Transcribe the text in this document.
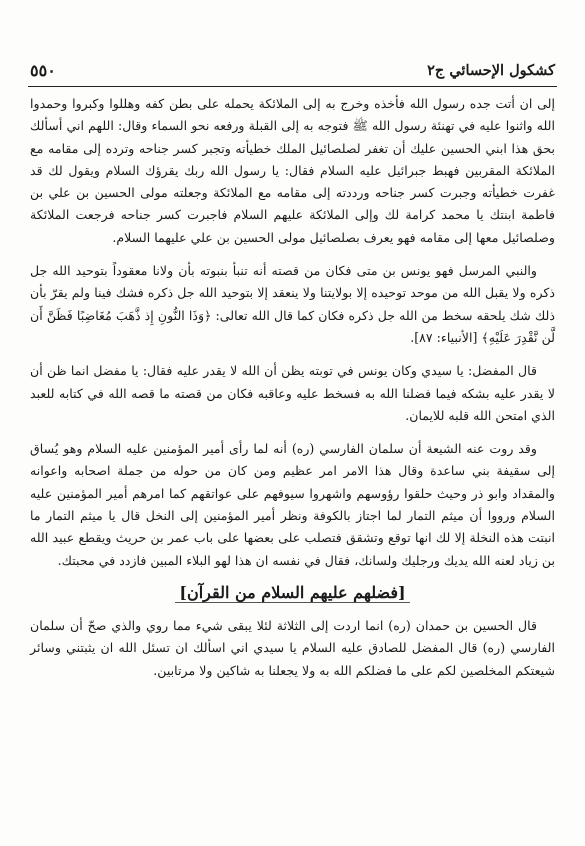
كشكول الإحسائي ج٢
٥٥٠

إلى ان أتت جده رسول الله فأخذه وخرج به إلى الملائكة يحمله على بطن كفه وهللوا وكبروا وحمدوا الله واثنوا عليه في تهنئة رسول الله ﷺ فتوجه به إلى القبلة ورفعه نحو السماء وقال: اللهم اني أسألك بحق هذا ابني الحسين عليك أن تغفر لصلصائيل الملك خطيأته وتجبر كسر جناحه وترده إلى مقامه مع الملائكة المقربين فهبط جبرائيل عليه السلام فقال: يا رسول الله ربك يقرؤك السلام ويقول لك قد غفرت خطيأته وجبرت كسر جناحه ورددته إلى مقامه مع الملائكة وجعلته مولى الحسين بن علي بن فاطمة ابنتك يا محمد كرامة لك وإلى الملائكة عليهم السلام فاجبرت كسر جناحه فرجعت الملائكة وصلصائيل معها إلى مقامه فهو يعرف بصلصائيل مولى الحسين بن علي عليهما السلام.

والنبي المرسل فهو يونس بن متى فكان من قصته أنه تنبأ بنبوته بأن ولانا معقوداً بتوحيد الله جل ذكره ولا يقبل الله من موحد توحيده إلا بولايتنا ولا ينعقد إلا بتوحيد الله جل ذكره فشك فينا ولم يقرّ بأن ذلك شك يلحقه سخط من الله جل ذكره فكان كما قال الله تعالى: ﴿وَذَا النُّونِ إِذ ذَّهَبَ مُغَاضِبًا فَظَنَّ أَن لَّن نَّقْدِرَ عَلَيْهِ﴾ [الأنبياء: ٨٧].

قال المفضل: يا سيدي وكان يونس في توبته يظن أن الله لا يقدر عليه فقال: يا مفضل انما ظن أن لا يقدر عليه بشكه فيما فضلنا الله به فسخط عليه وعاقبه فكان من قصته ما قصه الله في كتابه للعبد الذي امتحن الله قلبه للايمان.

وقد روت عنه الشيعة أن سلمان الفارسي (ره) أنه لما رأى أمير المؤمنين عليه السلام وهو يُساق إلى سقيفة بني ساعدة وقال هذا الامر امر عظيم ومن كان من حوله من جملة اصحابه واعوانه والمقداد وابو ذر وحيث حلقوا رؤوسهم واشهروا سيوفهم على عواتقهم كما امرهم أمير المؤمنين عليه السلام ورووا أن ميثم التمار لما اجتاز بالكوفة ونظر أمير المؤمنين إلى النخل قال يا ميثم التمار ما انبتت هذه النخلة إلا لك انها توقع وتشقق فتصلب على بعضها على باب عمر بن حريث ويقطع عبيد الله بن زياد لعنه الله يديك ورجليك ولسانك، فقال في نفسه ان هذا لهو البلاء المبين فازدد في محبتك.

[فضلهم عليهم السلام من القرآن]

قال الحسين بن حمدان (ره) انما اردت إلى الثلاثة لئلا يبقى شيء مما روي والذي صحّ أن سلمان الفارسي (ره) قال المفضل للصادق عليه السلام يا سيدي اني اسألك ان تسئل الله ان يثبتني وسائر شيعتكم المخلصين لكم على ما فضلكم الله به ولا يجعلنا به شاكين ولا مرتابين.
